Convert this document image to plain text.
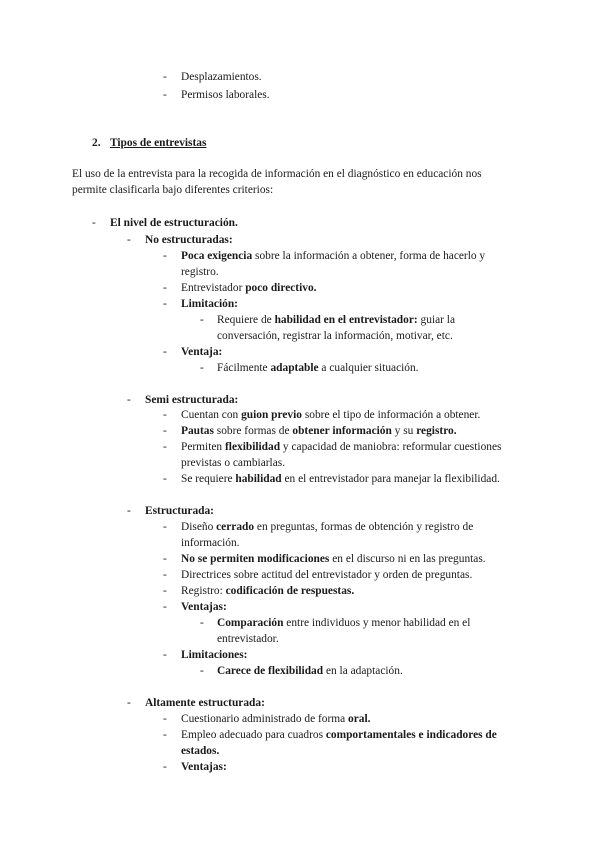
- Desplazamientos.
- Permisos laborales.
2. Tipos de entrevistas
El uso de la entrevista para la recogida de información en el diagnóstico en educación nos
permite clasificarla bajo diferentes criterios:
- El nivel de estructuración.
- No estructuradas:
- Poca exigencia sobre la información a obtener, forma de hacerlo y
registro.
- Entrevistador poco directivo.
- Limitación:
- Requiere de habilidad en el entrevistador: guiar la
conversación, registrar la información, motivar, etc.
- Ventaja:
- Fácilmente adaptable a cualquier situación.
- Semi estructurada:
- Cuentan con guion previo sobre el tipo de información a obtener.
- Pautas sobre formas de obtener información y su registro.
- Permiten flexibilidad y capacidad de maniobra: reformular cuestiones
previstas o cambiarlas.
- Se requiere habilidad en el entrevistador para manejar la flexibilidad.
- Estructurada:
- Diseño cerrado en preguntas, formas de obtención y registro de
información.
- No se permiten modificaciones en el discurso ni en las preguntas.
- Directrices sobre actitud del entrevistador y orden de preguntas.
- Registro: codificación de respuestas.
- Ventajas:
- Comparación entre individuos y menor habilidad en el
entrevistador.
- Limitaciones:
- Carece de flexibilidad en la adaptación.
- Altamente estructurada:
- Cuestionario administrado de forma oral.
- Empleo adecuado para cuadros comportamentales e indicadores de
estados.
- Ventajas:
